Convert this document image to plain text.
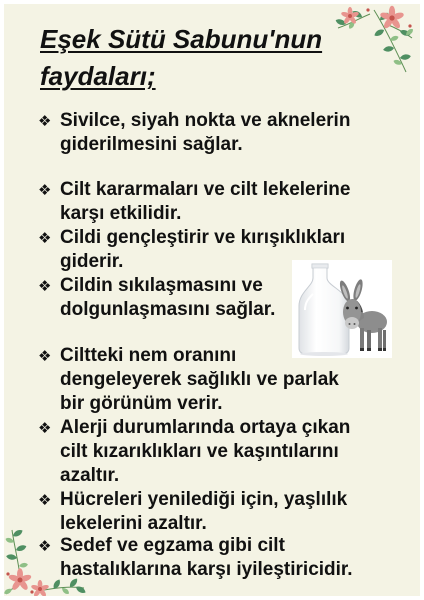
Eşek Sütü Sabunu'nun
faydaları;
❖ Sivilce, siyah nokta ve aknelerin
giderilmesini sağlar.
❖ Cilt kararmaları ve cilt lekelerine
karşı etkilidir.
❖ Cildi gençleştirir ve kırışıklıkları
giderir.
❖ Cildin sıkılaşmasını ve
dolgunlaşmasını sağlar.
❖ Ciltteki nem oranını
dengeleyerek sağlıklı ve parlak
bir görünüm verir.
❖ Alerji durumlarında ortaya çıkan
cilt kızarıklıkları ve kaşıntılarını
azaltır.
❖ Hücreleri yenilediği için, yaşlılık
lekelerini azaltır.
❖ Sedef ve egzama gibi cilt
hastalıklarına karşı iyileştiricidir.
